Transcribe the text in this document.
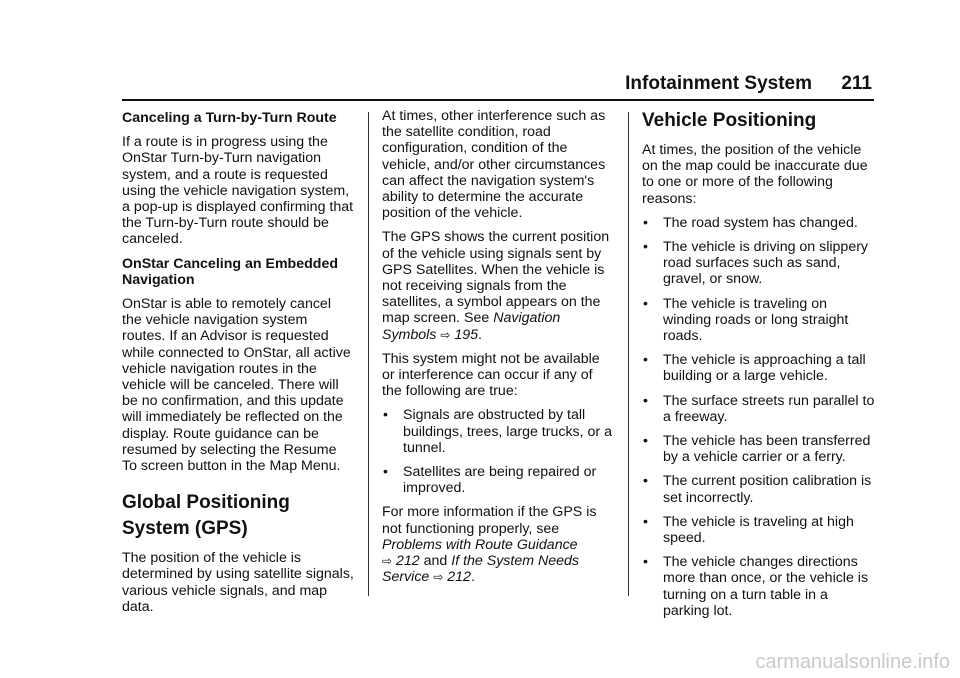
Infotainment System 211
Canceling a Turn-by-Turn Route

If a route is in progress using the OnStar Turn-by-Turn navigation system, and a route is requested using the vehicle navigation system, a pop-up is displayed confirming that the Turn-by-Turn route should be canceled.

OnStar Canceling an Embedded Navigation

OnStar is able to remotely cancel the vehicle navigation system routes. If an Advisor is requested while connected to OnStar, all active vehicle navigation routes in the vehicle will be canceled. There will be no confirmation, and this update will immediately be reflected on the display. Route guidance can be resumed by selecting the Resume To screen button in the Map Menu.

Global Positioning
System (GPS)

The position of the vehicle is determined by using satellite signals, various vehicle signals, and map data.

At times, other interference such as the satellite condition, road configuration, condition of the vehicle, and/or other circumstances can affect the navigation system's ability to determine the accurate position of the vehicle.

The GPS shows the current position of the vehicle using signals sent by GPS Satellites. When the vehicle is not receiving signals from the satellites, a symbol appears on the map screen. See Navigation Symbols ⇨ 195.

This system might not be available or interference can occur if any of the following are true:

• Signals are obstructed by tall buildings, trees, large trucks, or a tunnel.
• Satellites are being repaired or improved.

For more information if the GPS is not functioning properly, see
Problems with Route Guidance
⇨ 212 and If the System Needs Service ⇨ 212.

Vehicle Positioning

At times, the position of the vehicle on the map could be inaccurate due to one or more of the following reasons:

• The road system has changed.
• The vehicle is driving on slippery road surfaces such as sand, gravel, or snow.
• The vehicle is traveling on winding roads or long straight roads.
• The vehicle is approaching a tall building or a large vehicle.
• The surface streets run parallel to a freeway.
• The vehicle has been transferred by a vehicle carrier or a ferry.
• The current position calibration is set incorrectly.
• The vehicle is traveling at high speed.
• The vehicle changes directions more than once, or the vehicle is turning on a turn table in a parking lot.
carmanualsonline.info
